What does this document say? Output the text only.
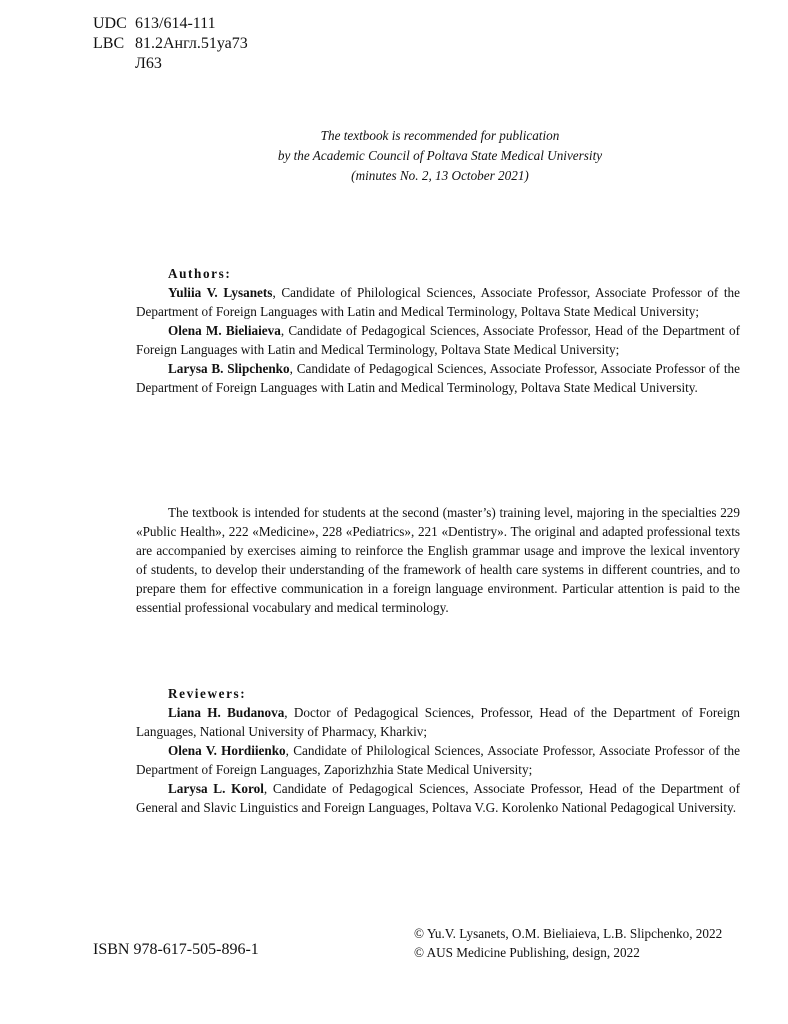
UDC 613/614-111
LBC 81.2Англ.51уа73
Л63
The textbook is recommended for publication
by the Academic Council of Poltava State Medical University
(minutes No. 2, 13 October 2021)
Authors:

Yuliia V. Lysanets, Candidate of Philological Sciences, Associate Professor, Associate Professor of the Department of Foreign Languages with Latin and Medical Terminology, Poltava State Medical University;

Olena M. Bieliaieva, Candidate of Pedagogical Sciences, Associate Professor, Head of the Department of Foreign Languages with Latin and Medical Terminology, Poltava State Medical University;

Larysa B. Slipchenko, Candidate of Pedagogical Sciences, Associate Professor, Associate Professor of the Department of Foreign Languages with Latin and Medical Terminology, Poltava State Medical University.

The textbook is intended for students at the second (master’s) training level, majoring in the specialties 229 «Public Health», 222 «Medicine», 228 «Pediatrics», 221 «Dentistry». The original and adapted professional texts are accompanied by exercises aiming to reinforce the English grammar usage and improve the lexical inventory of students, to develop their understanding of the framework of health care systems in different countries, and to prepare them for effective communication in a foreign language environment. Particular attention is paid to the essential professional vocabulary and medical terminology.

Reviewers:

Liana H. Budanova, Doctor of Pedagogical Sciences, Professor, Head of the Department of Foreign Languages, National University of Pharmacy, Kharkiv;

Olena V. Hordiienko, Candidate of Philological Sciences, Associate Professor, Associate Professor of the Department of Foreign Languages, Zaporizhzhia State Medical University;

Larysa L. Korol, Candidate of Pedagogical Sciences, Associate Professor, Head of the Department of General and Slavic Linguistics and Foreign Languages, Poltava V.G. Korolenko National Pedagogical University.

ISBN 978-617-505-896-1
© Yu.V. Lysanets, O.M. Bieliaieva, L.B. Slipchenko, 2022
© AUS Medicine Publishing, design, 2022
